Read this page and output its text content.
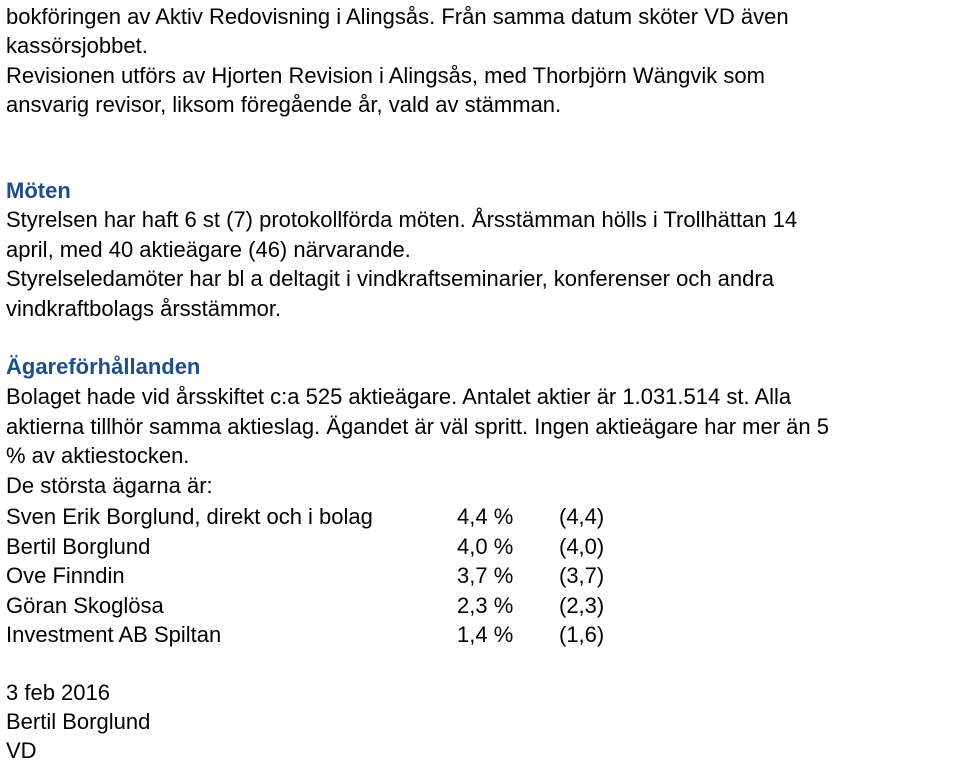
bokföringen av Aktiv Redovisning i Alingsås. Från samma datum sköter VD även
kassörsjobbet.
Revisionen utförs av Hjorten Revision i Alingsås, med Thorbjörn Wängvik som
ansvarig revisor, liksom föregående år, vald av stämman.
Möten
Styrelsen har haft 6 st (7) protokollförda möten. Årsstämman hölls i Trollhättan 14
april, med 40 aktieägare (46) närvarande.
Styrelseledamöter har bl a deltagit i vindkraftseminarier, konferenser och andra
vindkraftbolags årsstämmor.
Ägareförhållanden
Bolaget hade vid årsskiftet c:a 525 aktieägare. Antalet aktier är 1.031.514 st. Alla
aktierna tillhör samma aktieslag. Ägandet är väl spritt. Ingen aktieägare har mer än 5
% av aktiestocken.
De största ägarna är:
Sven Erik Borglund, direkt och i bolag	4,4 % (4,4)
Bertil Borglund	4,0 % (4,0)
Ove Finndin	3,7 % (3,7)
Göran Skoglösa	2,3 % (2,3)
Investment AB Spiltan	1,4 % (1,6)
3 feb 2016
Bertil Borglund
VD
